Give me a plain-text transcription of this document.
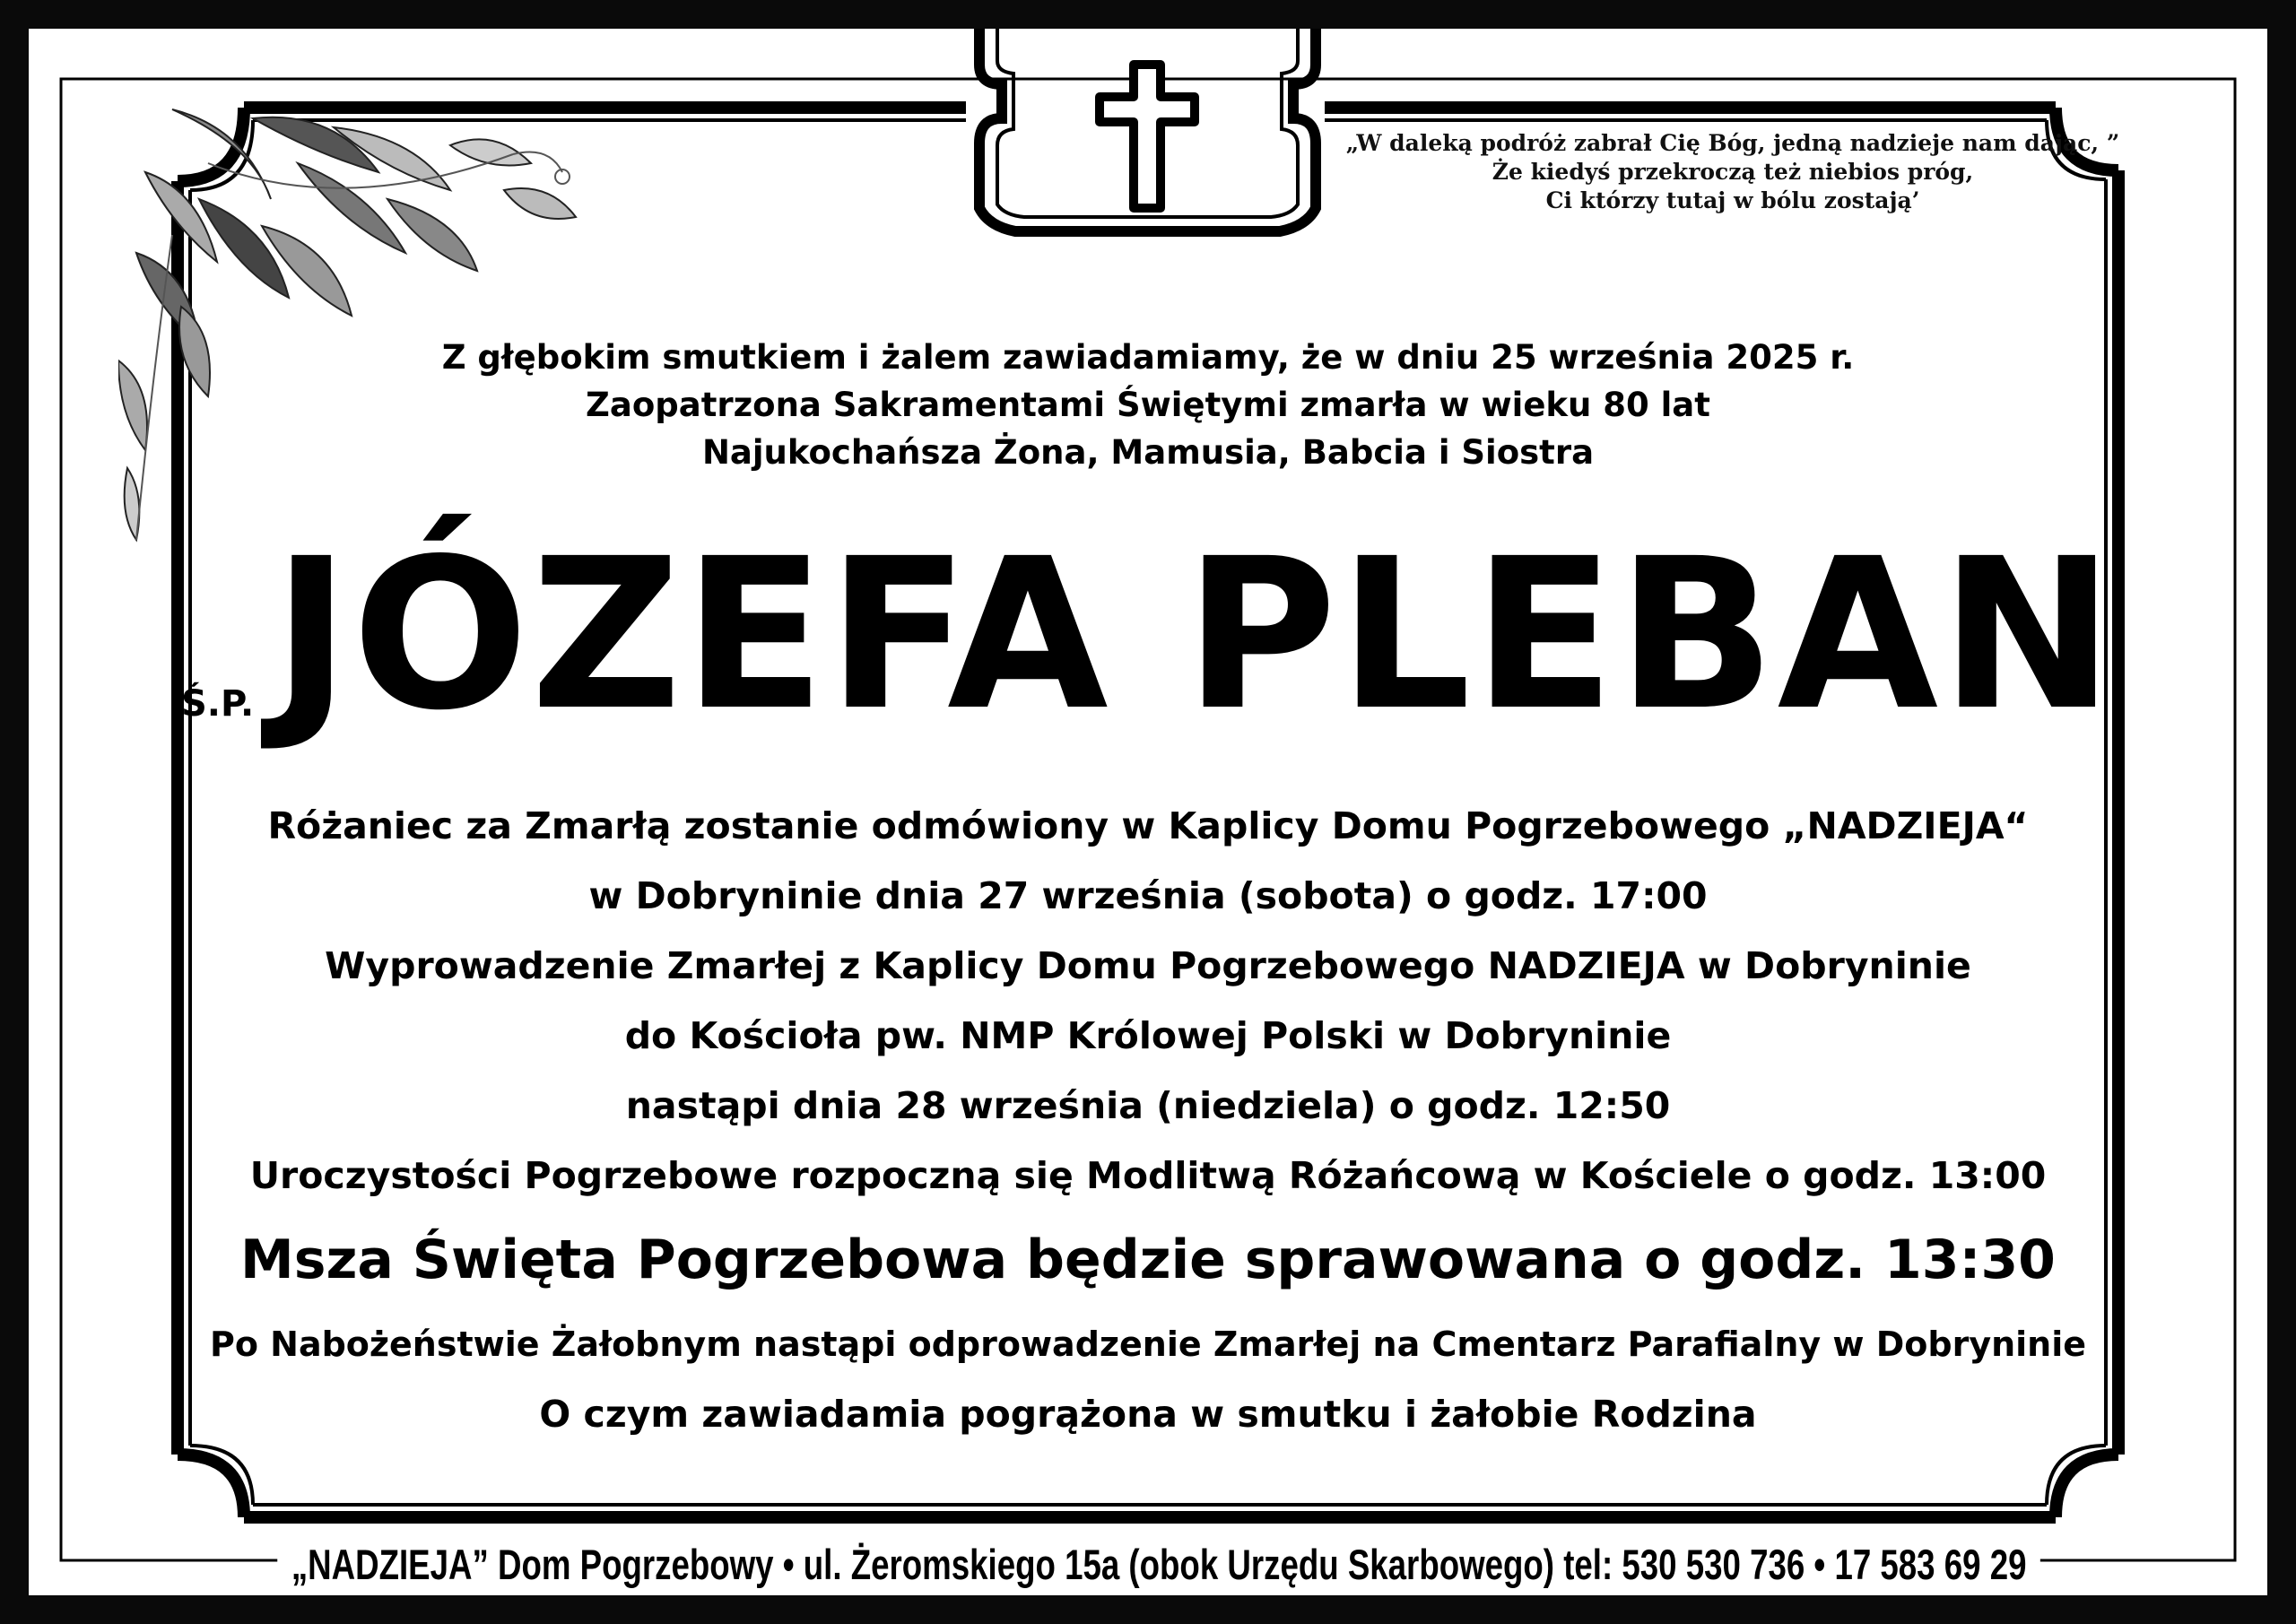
„W daleką podróż zabrał Cię Bóg, jedną nadzieje nam dając, ”
Że kiedyś przekroczą też niebios próg,
Ci którzy tutaj w bólu zostają’
Z głębokim smutkiem i żalem zawiadamiamy, że w dniu 25 września 2025 r.
Zaopatrzona Sakramentami Świętymi zmarła w wieku 80 lat
Najukochańsza Żona, Mamusia, Babcia i Siostra
Ś.P. JÓZEFA PLEBAN
Różaniec za Zmarłą zostanie odmówiony w Kaplicy Domu Pogrzebowego „NADZIEJA“
w Dobryninie dnia 27 września (sobota) o godz. 17:00
Wyprowadzenie Zmarłej z Kaplicy Domu Pogrzebowego NADZIEJA w Dobryninie
do Kościoła pw. NMP Królowej Polski w Dobryninie
nastąpi dnia 28 września (niedziela) o godz. 12:50
Uroczystości Pogrzebowe rozpoczną się Modlitwą Różańcową w Kościele o godz. 13:00
Msza Święta Pogrzebowa będzie sprawowana o godz. 13:30
Po Nabożeństwie Żałobnym nastąpi odprowadzenie Zmarłej na Cmentarz Parafialny w Dobryninie
O czym zawiadamia pogrążona w smutku i żałobie Rodzina
„NADZIEJA” Dom Pogrzebowy • ul. Żeromskiego 15a (obok Urzędu Skarbowego) tel: 530 530 736 • 17 583 69 29
